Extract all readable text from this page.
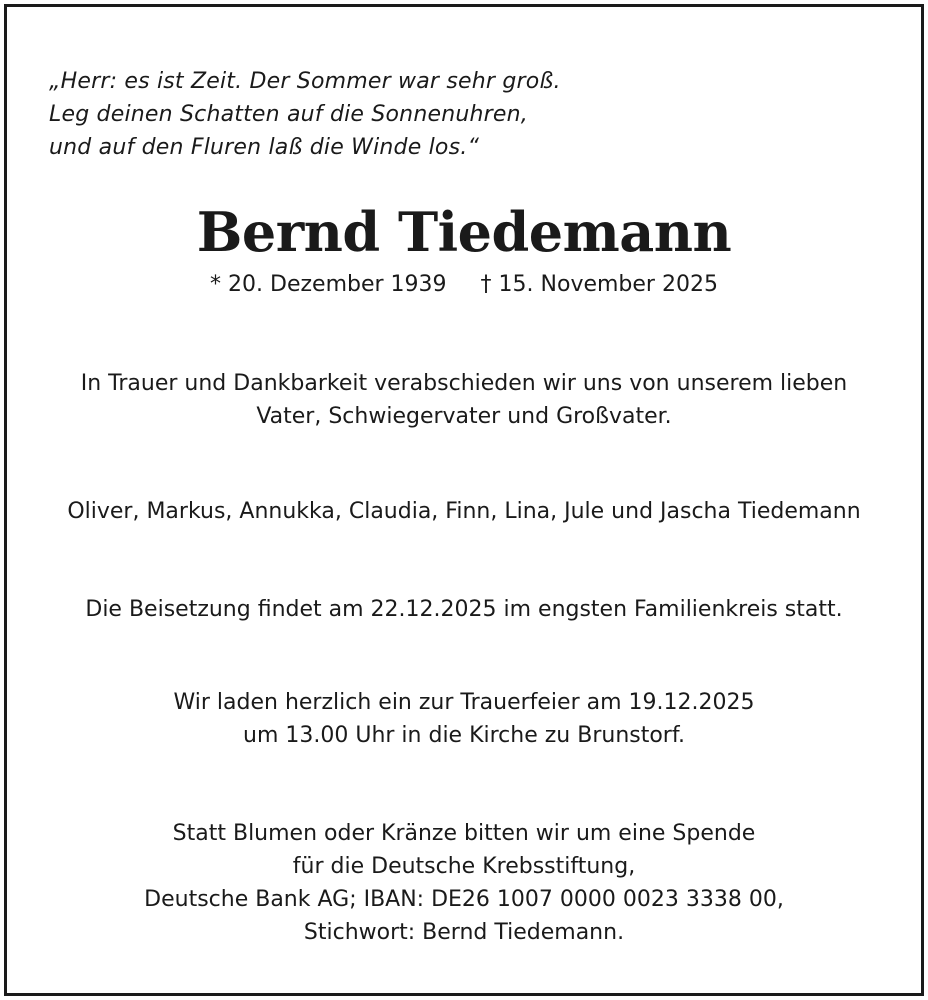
„Herr: es ist Zeit. Der Sommer war sehr groß.
Leg deinen Schatten auf die Sonnenuhren,
und auf den Fluren laß die Winde los.“
Bernd Tiedemann
* 20. Dezember 1939 † 15. November 2025
In Trauer und Dankbarkeit verabschieden wir uns von unserem lieben
Vater, Schwiegervater und Großvater.
Oliver, Markus, Annukka, Claudia, Finn, Lina, Jule und Jascha Tiedemann
Die Beisetzung findet am 22.12.2025 im engsten Familienkreis statt.
Wir laden herzlich ein zur Trauerfeier am 19.12.2025
um 13.00 Uhr in die Kirche zu Brunstorf.
Statt Blumen oder Kränze bitten wir um eine Spende
für die Deutsche Krebsstiftung,
Deutsche Bank AG; IBAN: DE26 1007 0000 0023 3338 00,
Stichwort: Bernd Tiedemann.
